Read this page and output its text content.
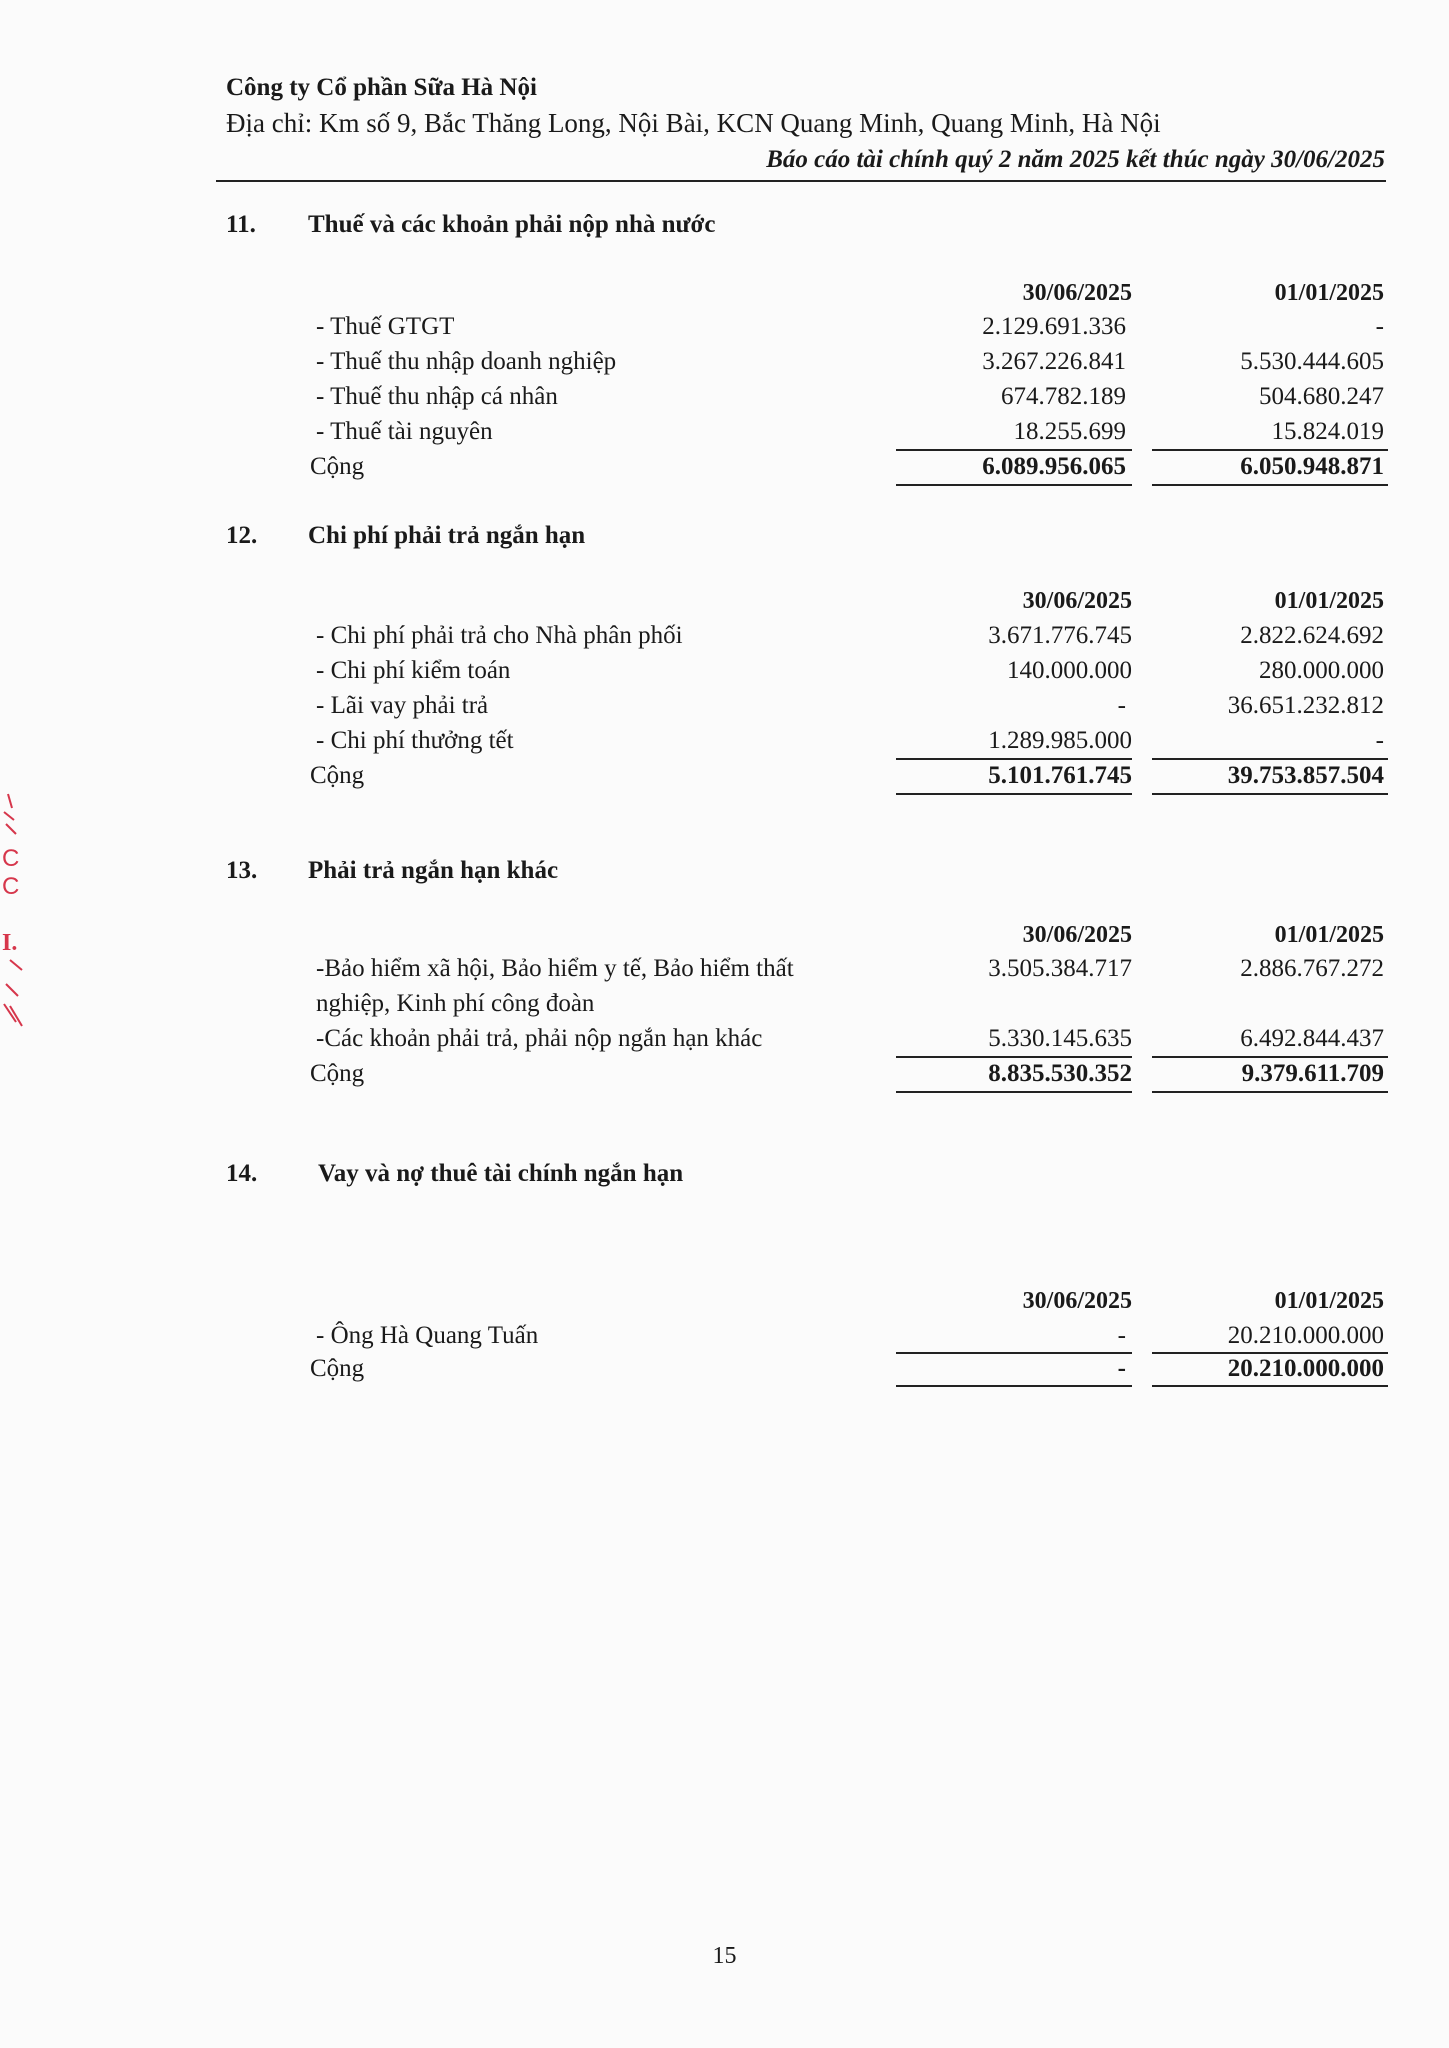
Công ty Cổ phần Sữa Hà Nội
Địa chỉ: Km số 9, Bắc Thăng Long, Nội Bài, KCN Quang Minh, Quang Minh, Hà Nội
Báo cáo tài chính quý 2 năm 2025 kết thúc ngày 30/06/2025
11. Thuế và các khoản phải nộp nhà nước
30/06/2025	01/01/2025
- Thuế GTGT	2.129.691.336	-
- Thuế thu nhập doanh nghiệp	3.267.226.841	5.530.444.605
- Thuế thu nhập cá nhân	674.782.189	504.680.247
- Thuế tài nguyên	18.255.699	15.824.019
Cộng	6.089.956.065	6.050.948.871
12. Chi phí phải trả ngắn hạn
30/06/2025	01/01/2025
- Chi phí phải trả cho Nhà phân phối	3.671.776.745	2.822.624.692
- Chi phí kiểm toán	140.000.000	280.000.000
- Lãi vay phải trả	-	36.651.232.812
- Chi phí thưởng tết	1.289.985.000	-
Cộng	5.101.761.745	39.753.857.504
13. Phải trả ngắn hạn khác
30/06/2025	01/01/2025
-Bảo hiểm xã hội, Bảo hiểm y tế, Bảo hiểm thất
nghiệp, Kinh phí công đoàn
3.505.384.717	2.886.767.272
-Các khoản phải trả, phải nộp ngắn hạn khác	5.330.145.635	6.492.844.437
Cộng	8.835.530.352	9.379.611.709
14. Vay và nợ thuê tài chính ngắn hạn
30/06/2025	01/01/2025
- Ông Hà Quang Tuấn	-	20.210.000.000
Cộng	-	20.210.000.000
C
C
I.
15
